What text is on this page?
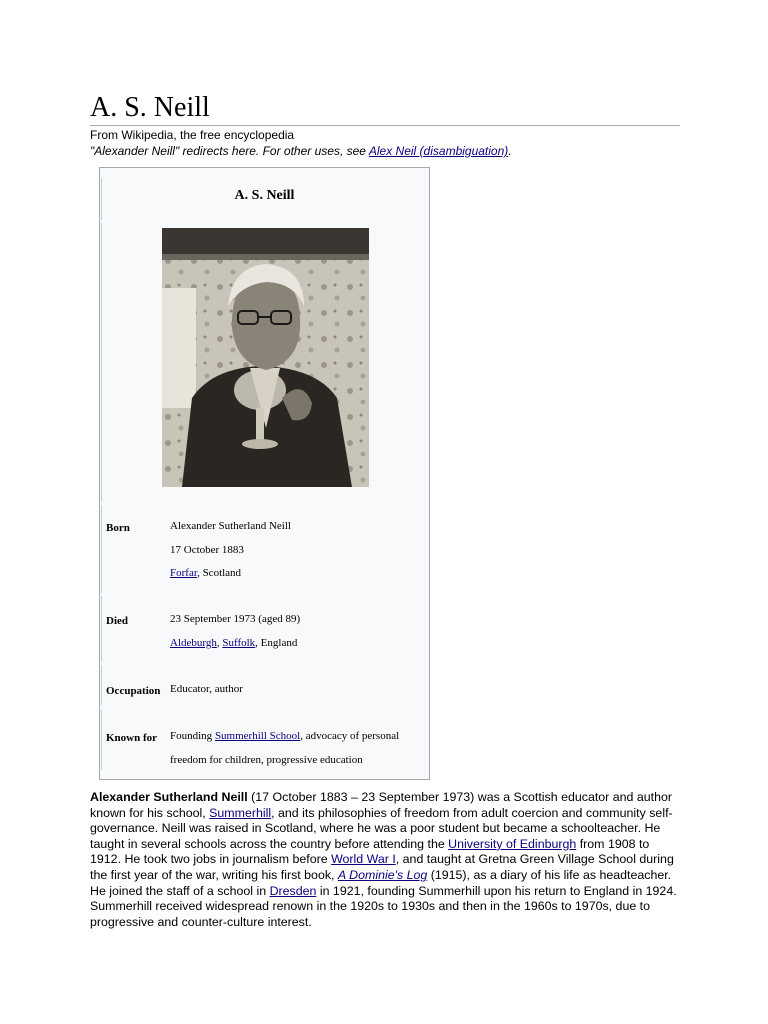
A. S. Neill
From Wikipedia, the free encyclopedia
"Alexander Neill" redirects here. For other uses, see Alex Neil (disambiguation).
A. S. Neill
Born	Alexander Sutherland Neill
17 October 1883
Forfar, Scotland
Died	23 September 1973 (aged 89)
Aldeburgh, Suffolk, England
Occupation Educator, author
Known for Founding Summerhill School, advocacy of personal freedom for children, progressive education
Alexander Sutherland Neill (17 October 1883 – 23 September 1973) was a Scottish educator and author known for his school, Summerhill, and its philosophies of freedom from adult coercion and community self-governance. Neill was raised in Scotland, where he was a poor student but became a schoolteacher. He taught in several schools across the country before attending the University of Edinburgh from 1908 to 1912. He took two jobs in journalism before World War I, and taught at Gretna Green Village School during the first year of the war, writing his first book, A Dominie's Log (1915), as a diary of his life as headteacher. He joined the staff of a school in Dresden in 1921, founding Summerhill upon his return to England in 1924. Summerhill received widespread renown in the 1920s to 1930s and then in the 1960s to 1970s, due to progressive and counter-culture interest.
